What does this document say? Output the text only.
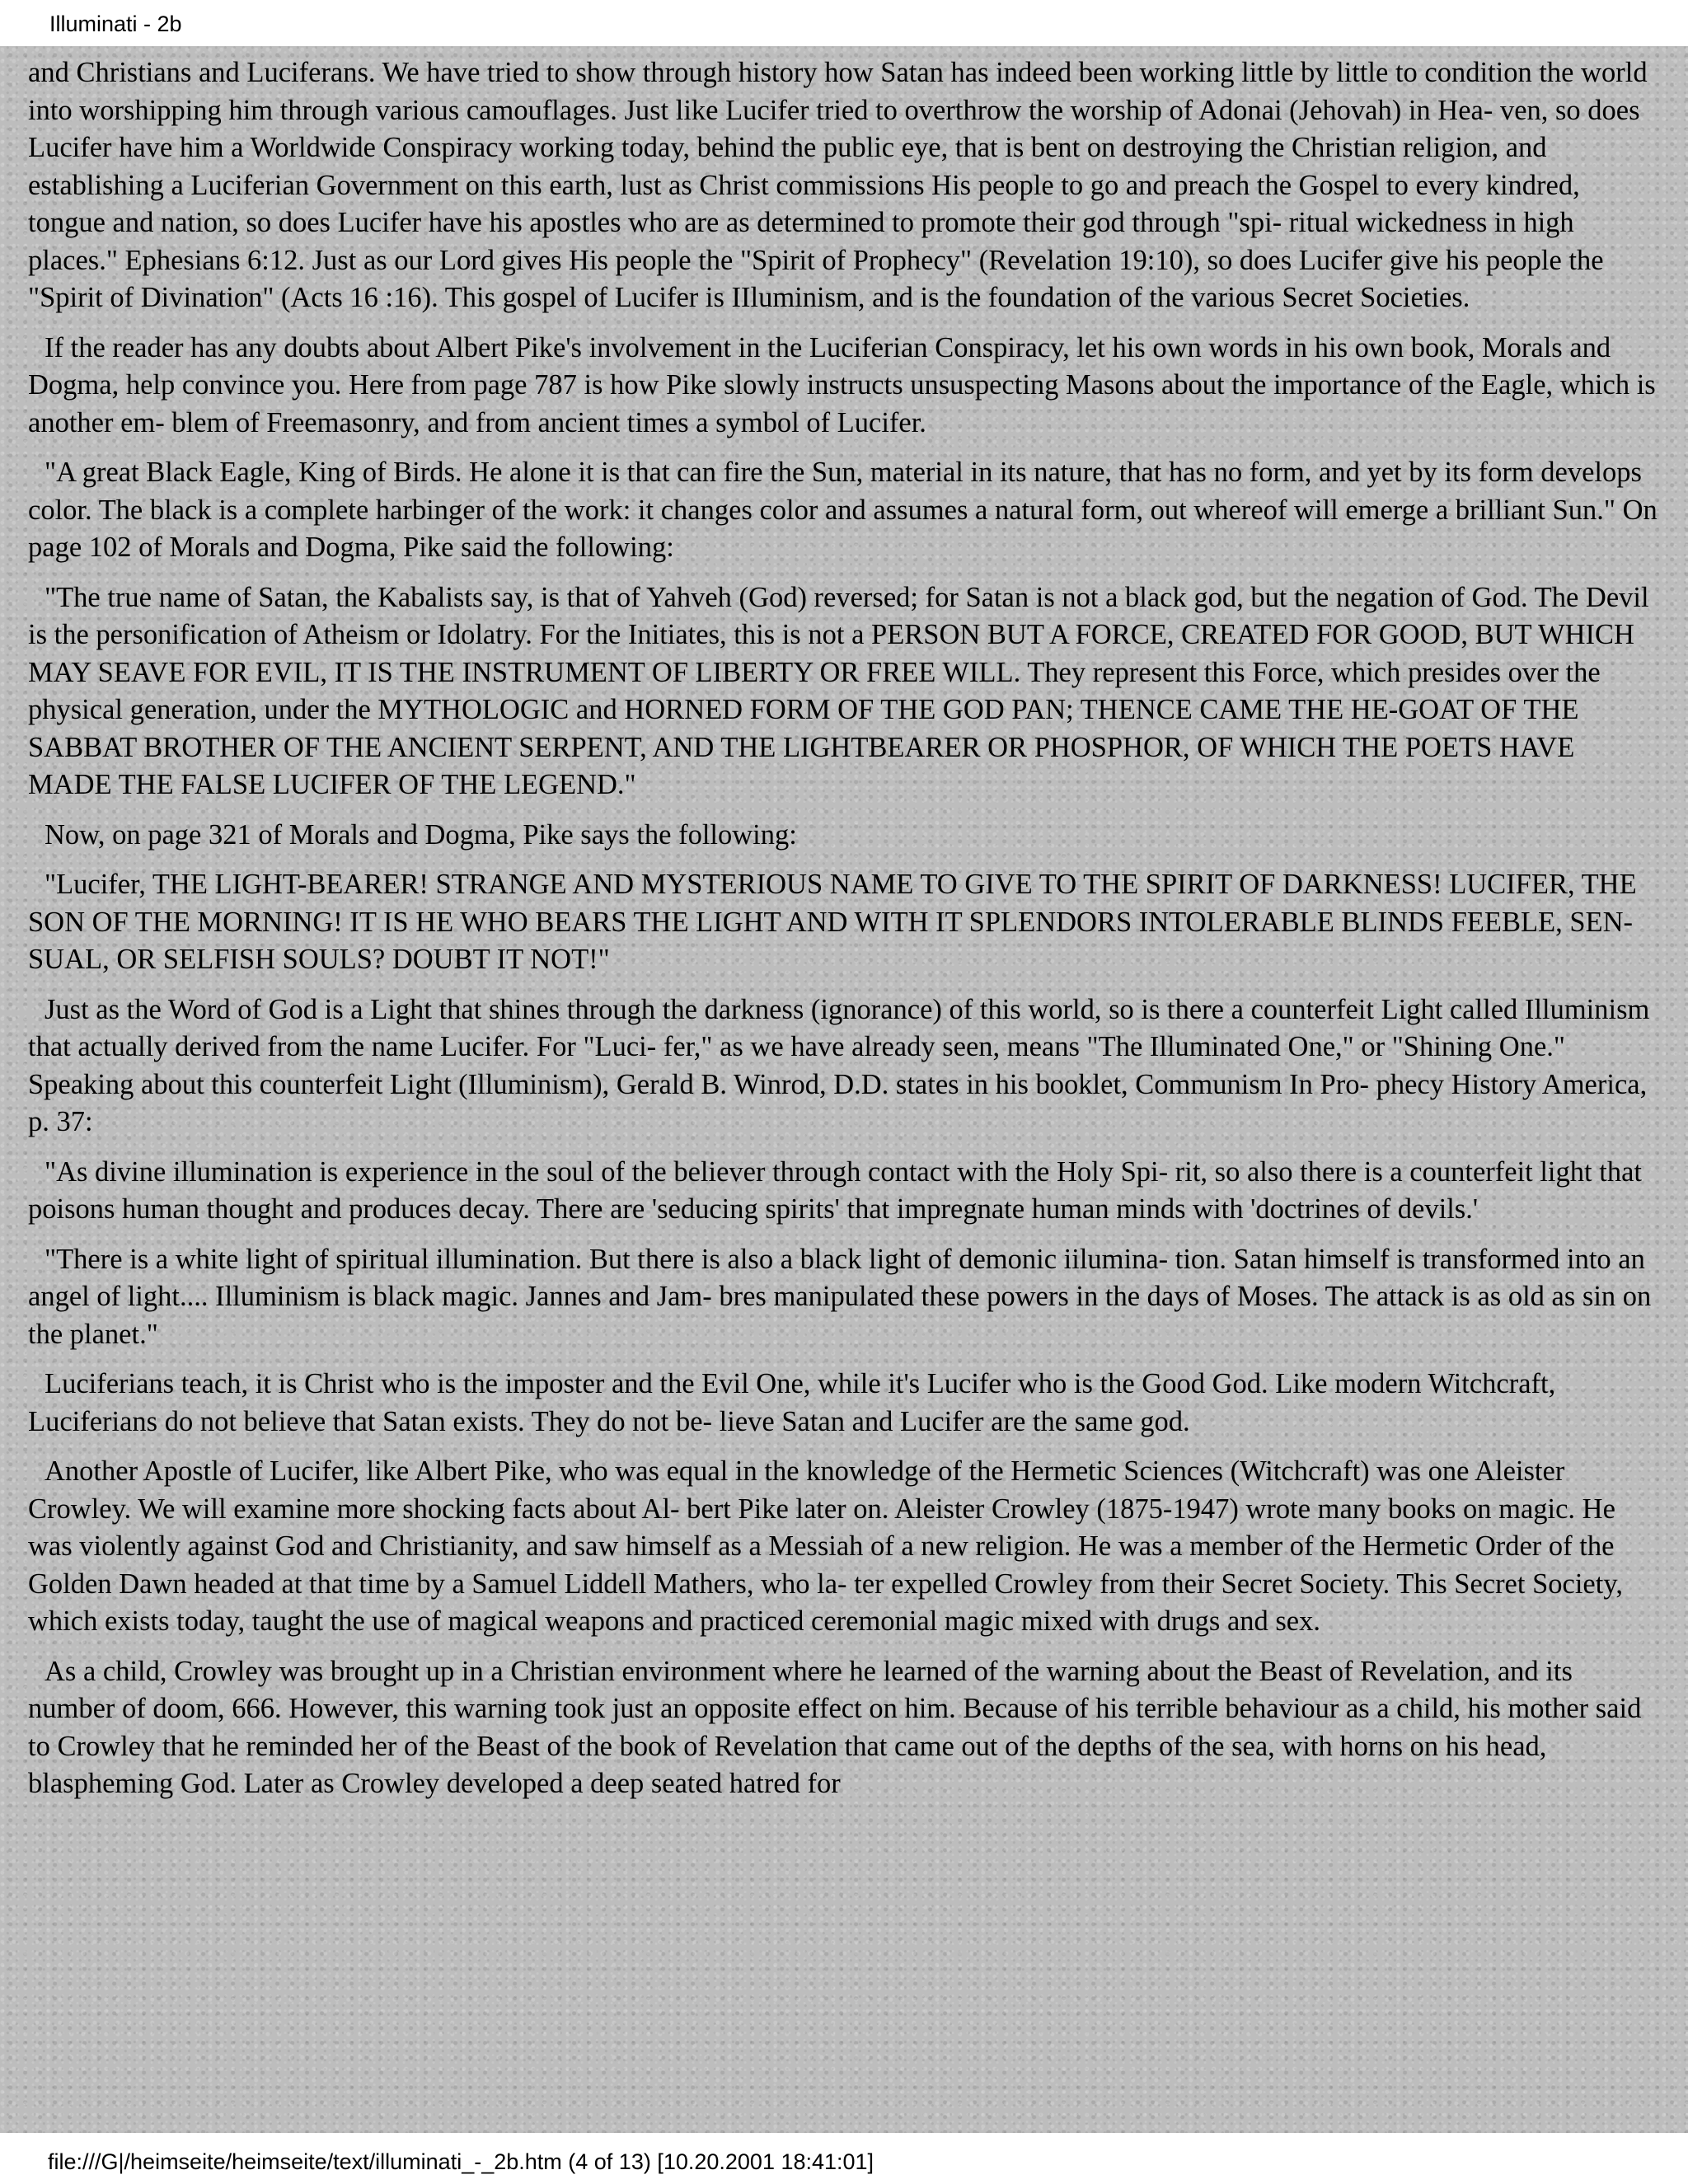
Illuminati - 2b

and Christians and Luciferans. We have tried to show through history how Satan has indeed been working little by little to condition the world into worshipping him through various camouflages. Just like Lucifer tried to overthrow the worship of Adonai (Jehovah) in Hea- ven, so does Lucifer have him a Worldwide Conspiracy working today, behind the public eye, that is bent on destroying the Christian religion, and establishing a Luciferian Government on this earth, lust as Christ commissions His people to go and preach the Gospel to every kindred, tongue and nation, so does Lucifer have his apostles who are as determined to promote their god through "spi- ritual wickedness in high places." Ephesians 6:12. Just as our Lord gives His people the "Spirit of Prophecy" (Revelation 19:10), so does Lucifer give his people the "Spirit of Divination" (Acts 16 :16). This gospel of Lucifer is IIluminism, and is the foundation of the various Secret Societies.

If the reader has any doubts about Albert Pike's involvement in the Luciferian Conspiracy, let his own words in his own book, Morals and Dogma, help convince you. Here from page 787 is how Pike slowly instructs unsuspecting Masons about the importance of the Eagle, which is another em- blem of Freemasonry, and from ancient times a symbol of Lucifer.

"A great Black Eagle, King of Birds. He alone it is that can fire the Sun, material in its nature, that has no form, and yet by its form develops color. The black is a complete harbinger of the work: it changes color and assumes a natural form, out whereof will emerge a brilliant Sun." On page 102 of Morals and Dogma, Pike said the following:

"The true name of Satan, the Kabalists say, is that of Yahveh (God) reversed; for Satan is not a black god, but the negation of God. The Devil is the personification of Atheism or Idolatry. For the Initiates, this is not a PERSON BUT A FORCE, CREATED FOR GOOD, BUT WHICH MAY SEAVE FOR EVIL, IT IS THE INSTRUMENT OF LIBERTY OR FREE WILL. They represent this Force, which presides over the physical generation, under the MYTHOLOGIC and HORNED FORM OF THE GOD PAN; THENCE CAME THE HE-GOAT OF THE SABBAT BROTHER OF THE ANCIENT SERPENT, AND THE LIGHTBEARER OR PHOSPHOR, OF WHICH THE POETS HAVE MADE THE FALSE LUCIFER OF THE LEGEND."

Now, on page 321 of Morals and Dogma, Pike says the following:

"Lucifer, THE LIGHT-BEARER! STRANGE AND MYSTERIOUS NAME TO GIVE TO THE SPIRIT OF DARKNESS! LUCIFER, THE SON OF THE MORNING! IT IS HE WHO BEARS THE LIGHT AND WITH IT SPLENDORS INTOLERABLE BLINDS FEEBLE, SEN- SUAL, OR SELFISH SOULS? DOUBT IT NOT!"

Just as the Word of God is a Light that shines through the darkness (ignorance) of this world, so is there a counterfeit Light called Illuminism that actually derived from the name Lucifer. For "Luci- fer," as we have already seen, means "The Illuminated One," or "Shining One." Speaking about this counterfeit Light (Illuminism), Gerald B. Winrod, D.D. states in his booklet, Communism In Pro- phecy History America, p. 37:

"As divine illumination is experience in the soul of the believer through contact with the Holy Spi- rit, so also there is a counterfeit light that poisons human thought and produces decay. There are 'seducing spirits' that impregnate human minds with 'doctrines of devils.'

"There is a white light of spiritual illumination. But there is also a black light of demonic iilumina- tion. Satan himself is transformed into an angel of light.... Illuminism is black magic. Jannes and Jam- bres manipulated these powers in the days of Moses. The attack is as old as sin on the planet."

Luciferians teach, it is Christ who is the imposter and the Evil One, while it's Lucifer who is the Good God. Like modern Witchcraft, Luciferians do not believe that Satan exists. They do not be- lieve Satan and Lucifer are the same god.

Another Apostle of Lucifer, like Albert Pike, who was equal in the knowledge of the Hermetic Sciences (Witchcraft) was one Aleister Crowley. We will examine more shocking facts about Al- bert Pike later on. Aleister Crowley (1875-1947) wrote many books on magic. He was violently against God and Christianity, and saw himself as a Messiah of a new religion. He was a member of the Hermetic Order of the Golden Dawn headed at that time by a Samuel Liddell Mathers, who la- ter expelled Crowley from their Secret Society. This Secret Society, which exists today, taught the use of magical weapons and practiced ceremonial magic mixed with drugs and sex.

As a child, Crowley was brought up in a Christian environment where he learned of the warning about the Beast of Revelation, and its number of doom, 666. However, this warning took just an opposite effect on him. Because of his terrible behaviour as a child, his mother said to Crowley that he reminded her of the Beast of the book of Revelation that came out of the depths of the sea, with horns on his head, blaspheming God. Later as Crowley developed a deep seated hatred for

file:///G|/heimseite/heimseite/text/illuminati_-_2b.htm (4 of 13) [10.20.2001 18:41:01]
